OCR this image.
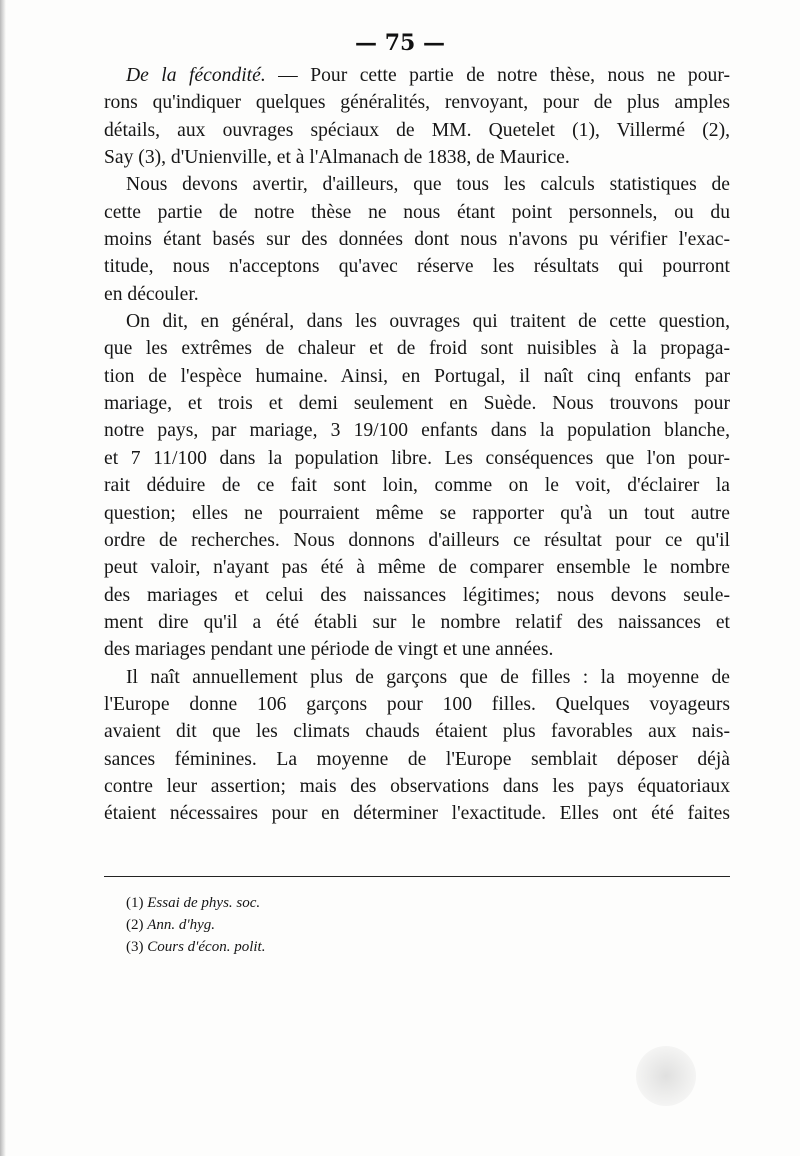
— 75 —
De la fécondité. — Pour cette partie de notre thèse, nous ne pour-
rons qu'indiquer quelques généralités, renvoyant, pour de plus amples
détails, aux ouvrages spéciaux de MM. Quetelet (1), Villermé (2),
Say (3), d'Unienville, et à l'Almanach de 1838, de Maurice.
Nous devons avertir, d'ailleurs, que tous les calculs statistiques de
cette partie de notre thèse ne nous étant point personnels, ou du
moins étant basés sur des données dont nous n'avons pu vérifier l'exac-
titude, nous n'acceptons qu'avec réserve les résultats qui pourront
en découler.
On dit, en général, dans les ouvrages qui traitent de cette question,
que les extrêmes de chaleur et de froid sont nuisibles à la propaga-
tion de l'espèce humaine. Ainsi, en Portugal, il naît cinq enfants par
mariage, et trois et demi seulement en Suède. Nous trouvons pour
notre pays, par mariage, 3 19/100 enfants dans la population blanche,
et 7 11/100 dans la population libre. Les conséquences que l'on pour-
rait déduire de ce fait sont loin, comme on le voit, d'éclairer la
question; elles ne pourraient même se rapporter qu'à un tout autre
ordre de recherches. Nous donnons d'ailleurs ce résultat pour ce qu'il
peut valoir, n'ayant pas été à même de comparer ensemble le nombre
des mariages et celui des naissances légitimes; nous devons seule-
ment dire qu'il a été établi sur le nombre relatif des naissances et
des mariages pendant une période de vingt et une années.
Il naît annuellement plus de garçons que de filles : la moyenne de
l'Europe donne 106 garçons pour 100 filles. Quelques voyageurs
avaient dit que les climats chauds étaient plus favorables aux nais-
sances féminines. La moyenne de l'Europe semblait déposer déjà
contre leur assertion; mais des observations dans les pays équatoriaux
étaient nécessaires pour en déterminer l'exactitude. Elles ont été faites
(1) Essai de phys. soc.
(2) Ann. d'hyg.
(3) Cours d'écon. polit.
